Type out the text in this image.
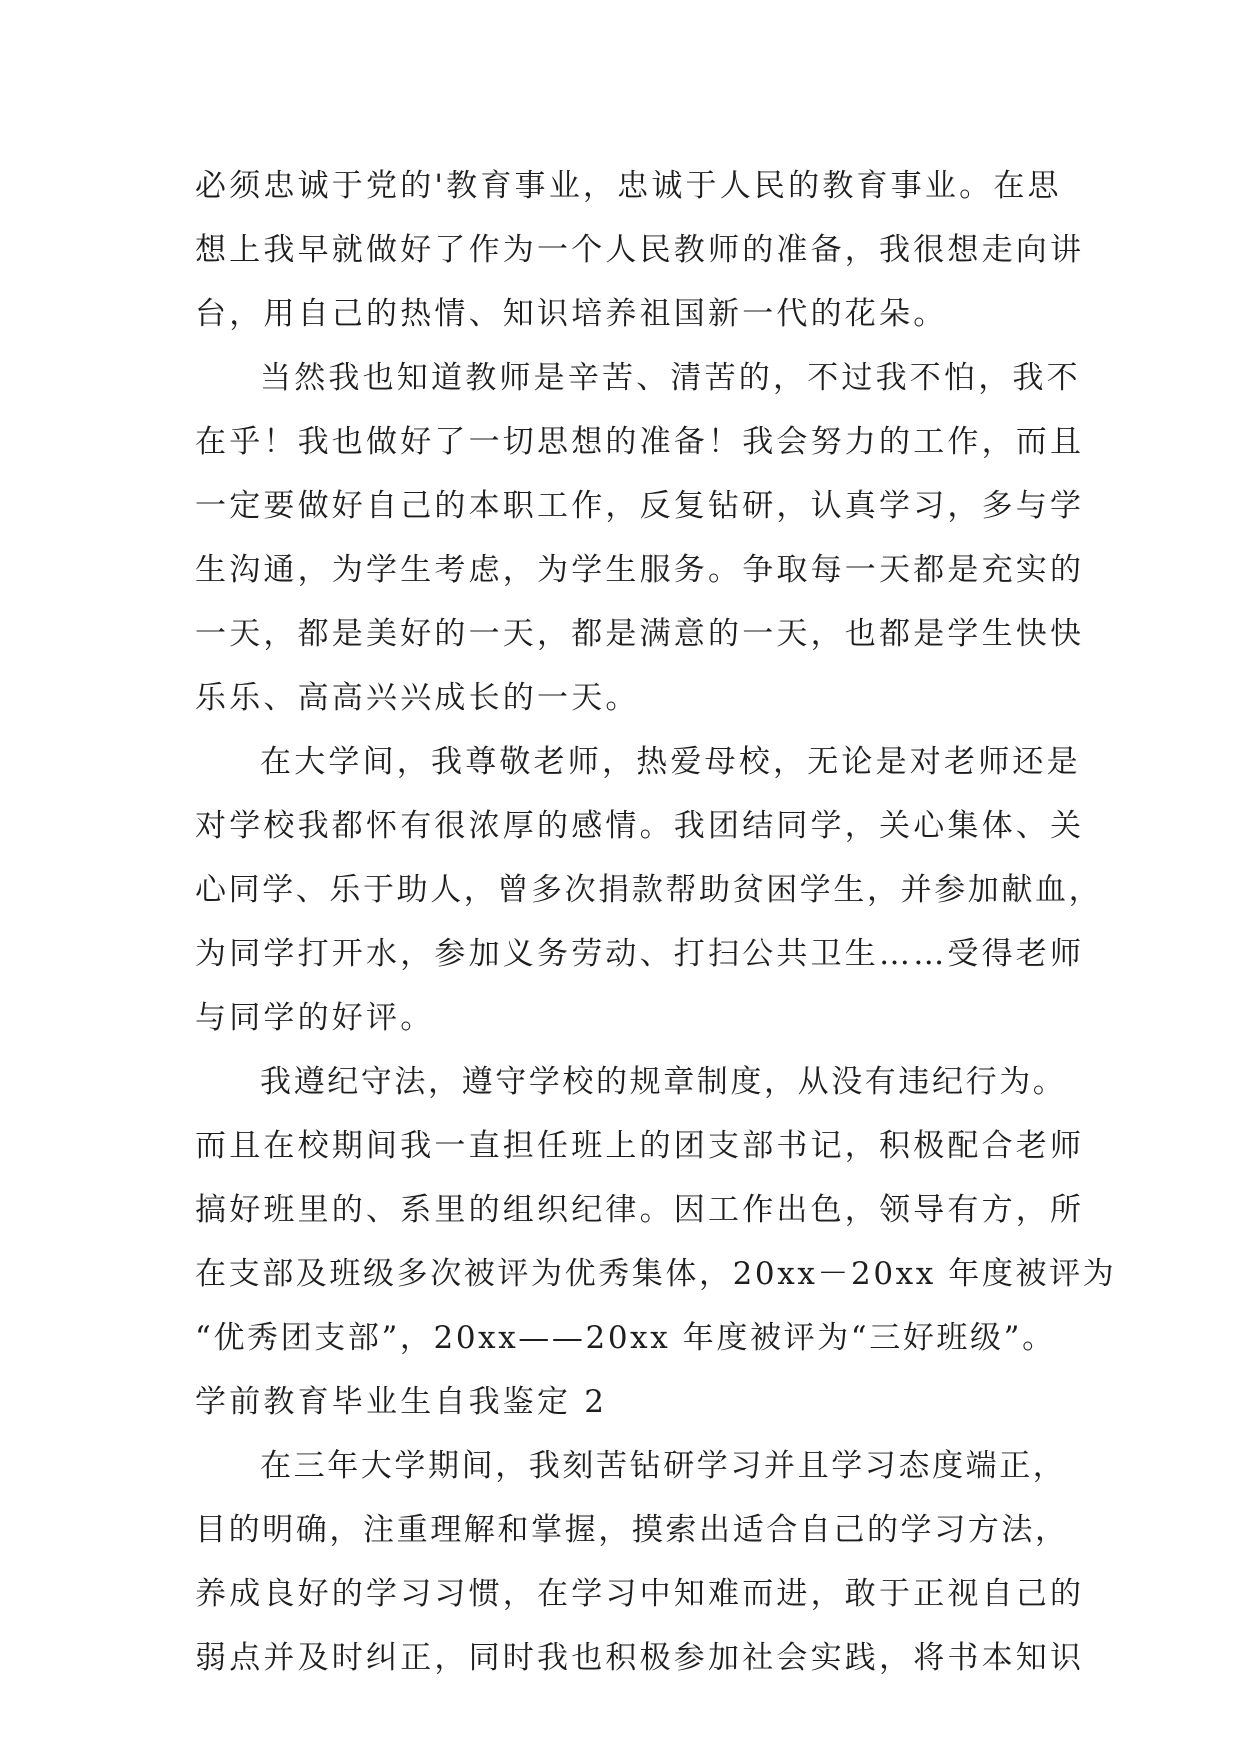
必须忠诚于党的'教育事业，忠诚于人民的教育事业。在思
想上我早就做好了作为一个人民教师的准备，我很想走向讲
台，用自己的热情、知识培养祖国新一代的花朵。
当然我也知道教师是辛苦、清苦的，不过我不怕，我不
在乎！我也做好了一切思想的准备！我会努力的工作，而且
一定要做好自己的本职工作，反复钻研，认真学习，多与学
生沟通，为学生考虑，为学生服务。争取每一天都是充实的
一天，都是美好的一天，都是满意的一天，也都是学生快快
乐乐、高高兴兴成长的一天。
在大学间，我尊敬老师，热爱母校，无论是对老师还是
对学校我都怀有很浓厚的感情。我团结同学，关心集体、关
心同学、乐于助人，曾多次捐款帮助贫困学生，并参加献血，
为同学打开水，参加义务劳动、打扫公共卫生……受得老师
与同学的好评。
我遵纪守法，遵守学校的规章制度，从没有违纪行为。
而且在校期间我一直担任班上的团支部书记，积极配合老师
搞好班里的、系里的组织纪律。因工作出色，领导有方，所
在支部及班级多次被评为优秀集体，20xx－20xx 年度被评为
“优秀团支部”，20xx——20xx 年度被评为“三好班级”。
学前教育毕业生自我鉴定 2
在三年大学期间，我刻苦钻研学习并且学习态度端正，
目的明确，注重理解和掌握，摸索出适合自己的学习方法，
养成良好的学习习惯，在学习中知难而进，敢于正视自己的
弱点并及时纠正，同时我也积极参加社会实践，将书本知识
